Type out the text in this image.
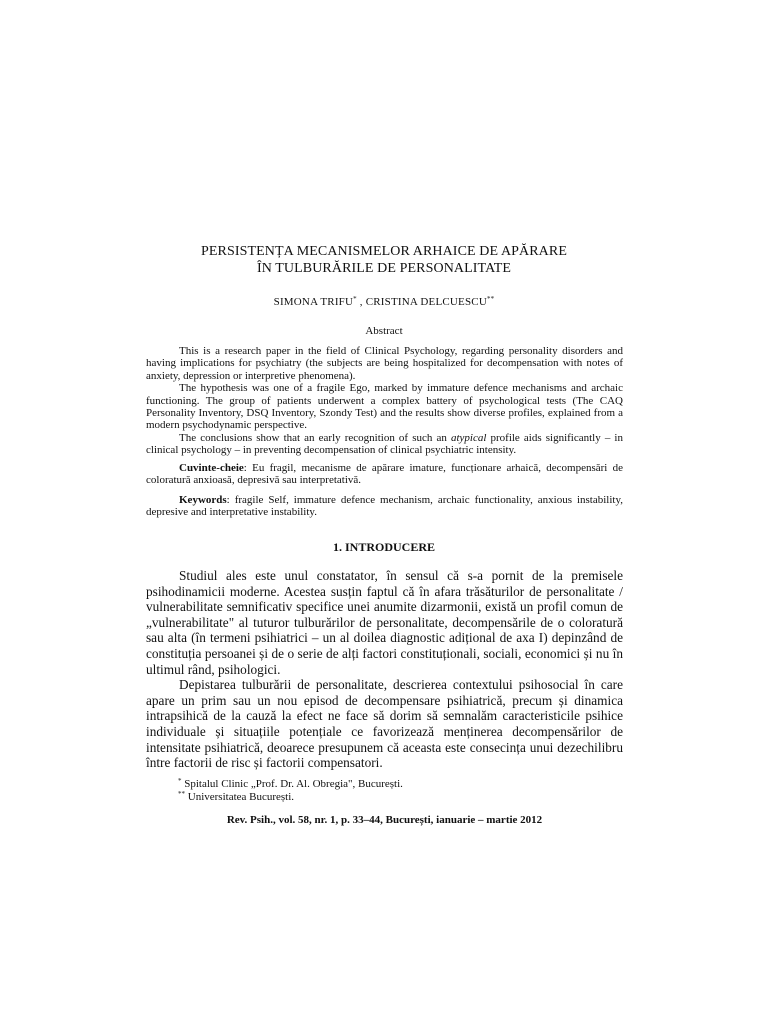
PERSISTENȚA MECANISMELOR ARHAICE DE APĂRARE
ÎN TULBURĂRILE DE PERSONALITATE
SIMONA TRIFU* , CRISTINA DELCUESCU**
Abstract

This is a research paper in the field of Clinical Psychology, regarding personality disorders and having implications for psychiatry (the subjects are being hospitalized for decompensation with notes of anxiety, depression or interpretive phenomena).

The hypothesis was one of a fragile Ego, marked by immature defence mechanisms and archaic functioning. The group of patients underwent a complex battery of psychological tests (The CAQ Personality Inventory, DSQ Inventory, Szondy Test) and the results show diverse profiles, explained from a modern psychodynamic perspective.

The conclusions show that an early recognition of such an atypical profile aids significantly – in clinical psychology – in preventing decompensation of clinical psychiatric intensity.

Cuvinte-cheie: Eu fragil, mecanisme de apărare imature, funcționare arhaică, decompensări de coloratură anxioasă, depresivă sau interpretativă.

Keywords: fragile Self, immature defence mechanism, archaic functionality, anxious instability, depresive and interpretative instability.

1. INTRODUCERE

Studiul ales este unul constatator, în sensul că s-a pornit de la premisele psihodinamicii moderne. Acestea susțin faptul că în afara trăsăturilor de personalitate / vulnerabilitate semnificativ specifice unei anumite dizarmonii, există un profil comun de „vulnerabilitate" al tuturor tulburărilor de personalitate, decompensările de o coloratură sau alta (în termeni psihiatrici – un al doilea diagnostic adițional de axa I) depinzând de constituția persoanei și de o serie de alți factori constituționali, sociali, economici și nu în ultimul rând, psihologici.

Depistarea tulburării de personalitate, descrierea contextului psihosocial în care apare un prim sau un nou episod de decompensare psihiatrică, precum și dinamica intrapsihică de la cauză la efect ne face să dorim să semnalăm caracteristicile psihice individuale și situațiile potențiale ce favorizează menținerea decompensărilor de intensitate psihiatrică, deoarece presupunem că aceasta este consecința unui dezechilibru între factorii de risc și factorii compensatori.

* Spitalul Clinic „Prof. Dr. Al. Obregia", București.
** Universitatea București.
Rev. Psih., vol. 58, nr. 1, p. 33–44, București, ianuarie – martie 2012
